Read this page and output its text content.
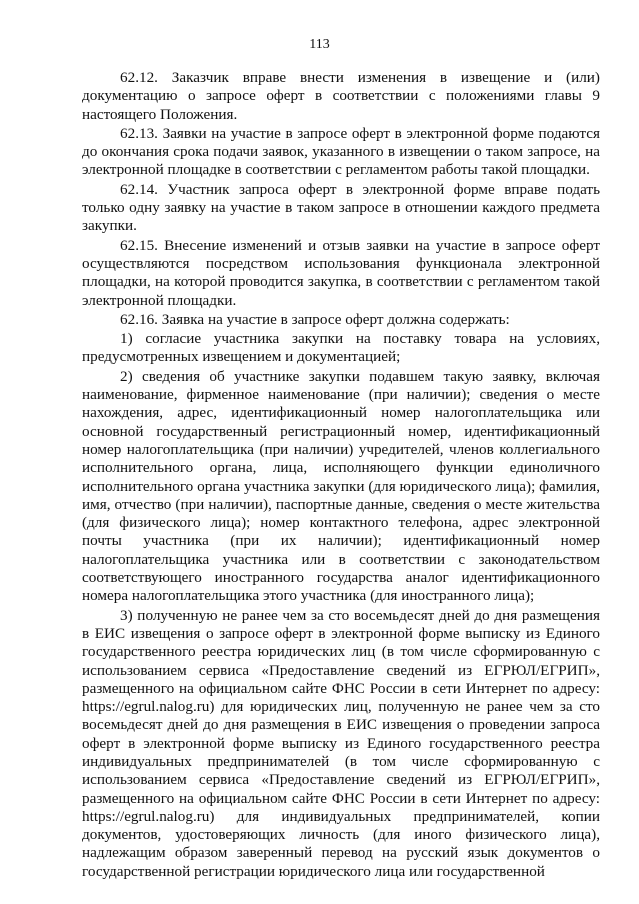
113

62.12. Заказчик вправе внести изменения в извещение и (или) документацию о запросе оферт в соответствии с положениями главы 9 настоящего Положения.

62.13. Заявки на участие в запросе оферт в электронной форме подаются до окончания срока подачи заявок, указанного в извещении о таком запросе, на электронной площадке в соответствии с регламентом работы такой площадки.

62.14. Участник запроса оферт в электронной форме вправе подать только одну заявку на участие в таком запросе в отношении каждого предмета закупки.

62.15. Внесение изменений и отзыв заявки на участие в запросе оферт осуществляются посредством использования функционала электронной площадки, на которой проводится закупка, в соответствии с регламентом такой электронной площадки.

62.16. Заявка на участие в запросе оферт должна содержать:

1) согласие участника закупки на поставку товара на условиях, предусмотренных извещением и документацией;

2) сведения об участнике закупки подавшем такую заявку, включая наименование, фирменное наименование (при наличии); сведения о месте нахождения, адрес, идентификационный номер налогоплательщика или основной государственный регистрационный номер, идентификационный номер налогоплательщика (при наличии) учредителей, членов коллегиального исполнительного органа, лица, исполняющего функции единоличного исполнительного органа участника закупки (для юридического лица); фамилия, имя, отчество (при наличии), паспортные данные, сведения о месте жительства (для физического лица); номер контактного телефона, адрес электронной почты участника (при их наличии); идентификационный номер налогоплательщика участника или в соответствии с законодательством соответствующего иностранного государства аналог идентификационного номера налогоплательщика этого участника (для иностранного лица);

3) полученную не ранее чем за сто восемьдесят дней до дня размещения в ЕИС извещения о запросе оферт в электронной форме выписку из Единого государственного реестра юридических лиц (в том числе сформированную с использованием сервиса «Предоставление сведений из ЕГРЮЛ/ЕГРИП», размещенного на официальном сайте ФНС России в сети Интернет по адресу: https://egrul.nalog.ru) для юридических лиц, полученную не ранее чем за сто восемьдесят дней до дня размещения в ЕИС извещения о проведении запроса оферт в электронной форме выписку из Единого государственного реестра индивидуальных предпринимателей (в том числе сформированную с использованием сервиса «Предоставление сведений из ЕГРЮЛ/ЕГРИП», размещенного на официальном сайте ФНС России в сети Интернет по адресу: https://egrul.nalog.ru) для индивидуальных предпринимателей, копии документов, удостоверяющих личность (для иного физического лица), надлежащим образом заверенный перевод на русский язык документов о государственной регистрации юридического лица или государственной
